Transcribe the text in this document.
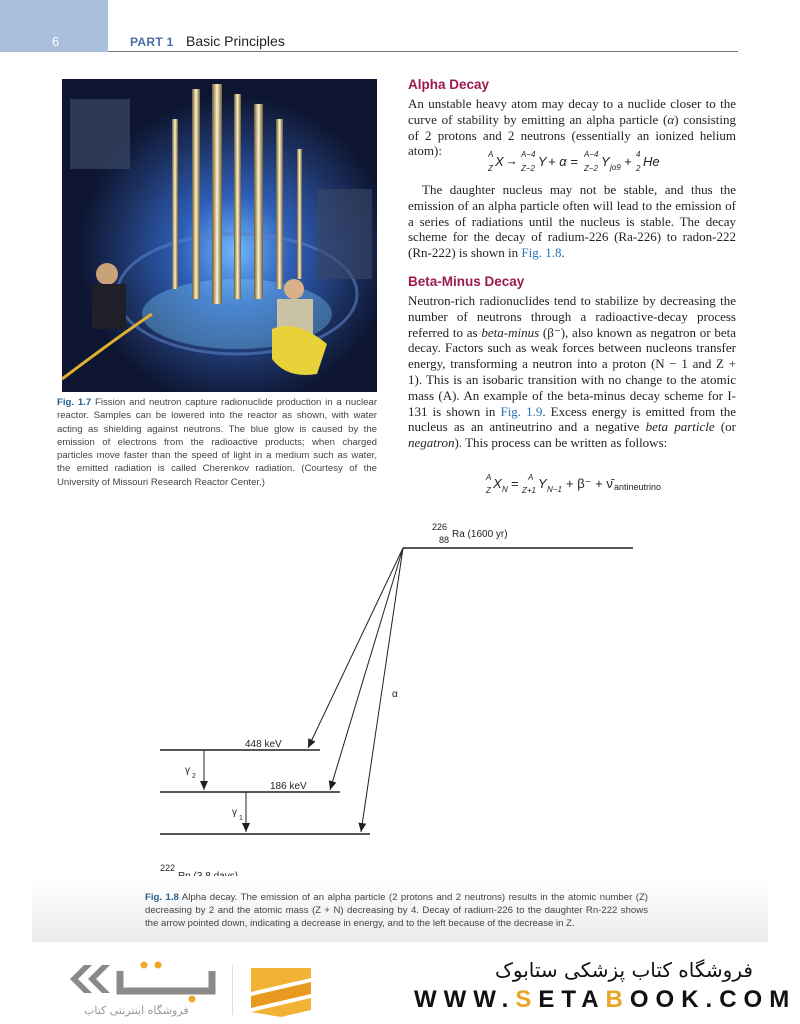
6	PART 1 Basic Principles
Fig. 1.7 Fission and neutron capture radionuclide production in a nuclear reactor. Samples can be lowered into the reactor as shown, with water acting as shielding against neutrons. The blue glow is caused by the emission of electrons from the radioactive products; when charged particles move faster than the speed of light in a medium such as water, the emitted radiation is called Cherenkov radiation. (Courtesy of the University of Missouri Research Reactor Center.)
Alpha Decay
An unstable heavy atom may decay to a nuclide closer to the curve of stability by emitting an alpha particle (α) consisting of 2 protons and 2 neutrons (essentially an ionized helium atom):	A
Z X → A−4
Z−2 Y + α = A−4
Z−2 Y jo9 + 4
2 He
The daughter nucleus may not be stable, and thus the emission of an alpha particle often will lead to the emission of a series of radiations until the nucleus is stable. The decay scheme for the decay of radium-226 (Ra-226) to radon-222 (Rn-222) is shown in Fig. 1.8.
Beta-Minus Decay
Neutron-rich radionuclides tend to stabilize by decreasing the number of neutrons through a radioactive-decay process referred to as beta-minus (β⁻), also known as negatron or beta decay. Factors such as weak forces between nucleons transfer energy, transforming a neutron into a proton (N − 1 and Z + 1). This is an isobaric transition with no change to the atomic mass (A). An example of the beta-minus decay scheme for I-131 is shown in Fig. 1.9. Excess energy is emitted from the nucleus as an antineutrino and a negative beta particle (or negatron). This process can be written as follows:
A
Z X N = A
Z+1 Y N−1 + β⁻ + ν̄ antineutrino
226
88 Ra (1600 yr)
α
448 keV
186 keV
γ
2
γ
1
222
Fig. 1.8 Alpha decay. The emission of an alpha particle (2 protons and 2 neutrons) results in the atomic number (Z) decreasing by 2 and the atomic mass (Z + N) decreasing by 4. Decay of radium-226 to the daughter Rn-222 shows the arrow pointed down, indicating a decrease in energy, and to the left because of the decrease in Z.
فروشگاه اینترنتی کتاب
فروشگاه کتاب پزشکی ستابوک
WWW.SETABOOK.COM
